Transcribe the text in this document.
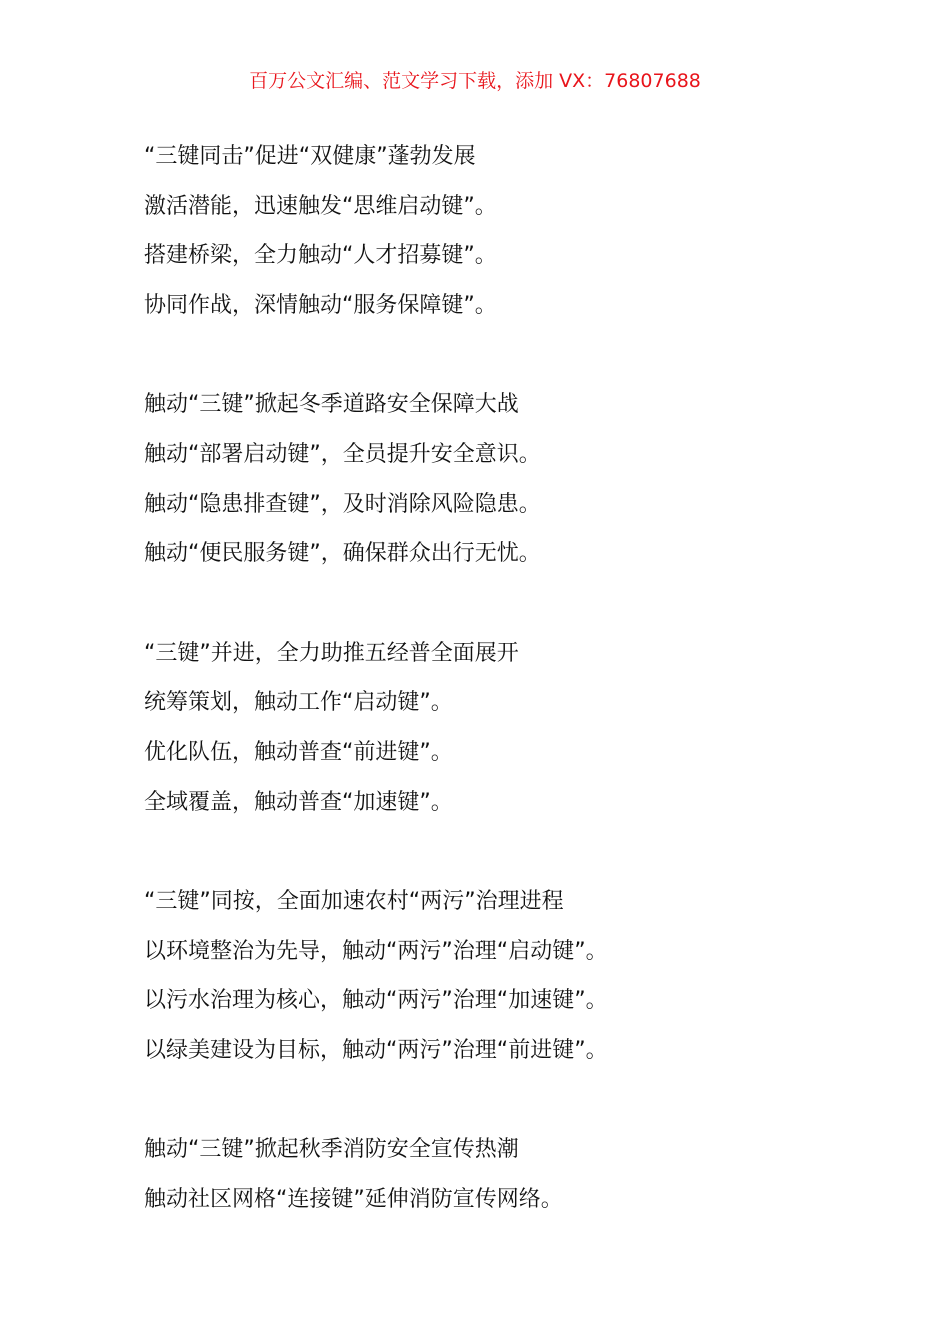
百万公文汇编、范文学习下载，添加 VX：76807688
“三键同击”促进“双健康”蓬勃发展
激活潜能，迅速触发“思维启动键”。
搭建桥梁，全力触动“人才招募键”。
协同作战，深情触动“服务保障键”。
触动“三键”掀起冬季道路安全保障大战
触动“部署启动键”，全员提升安全意识。
触动“隐患排查键”，及时消除风险隐患。
触动“便民服务键”，确保群众出行无忧。
“三键”并进，全力助推五经普全面展开
统筹策划，触动工作“启动键”。
优化队伍，触动普查“前进键”。
全域覆盖，触动普查“加速键”。
“三键”同按，全面加速农村“两污”治理进程
以环境整治为先导，触动“两污”治理“启动键”。
以污水治理为核心，触动“两污”治理“加速键”。
以绿美建设为目标，触动“两污”治理“前进键”。
触动“三键”掀起秋季消防安全宣传热潮
触动社区网格“连接键”延伸消防宣传网络。
